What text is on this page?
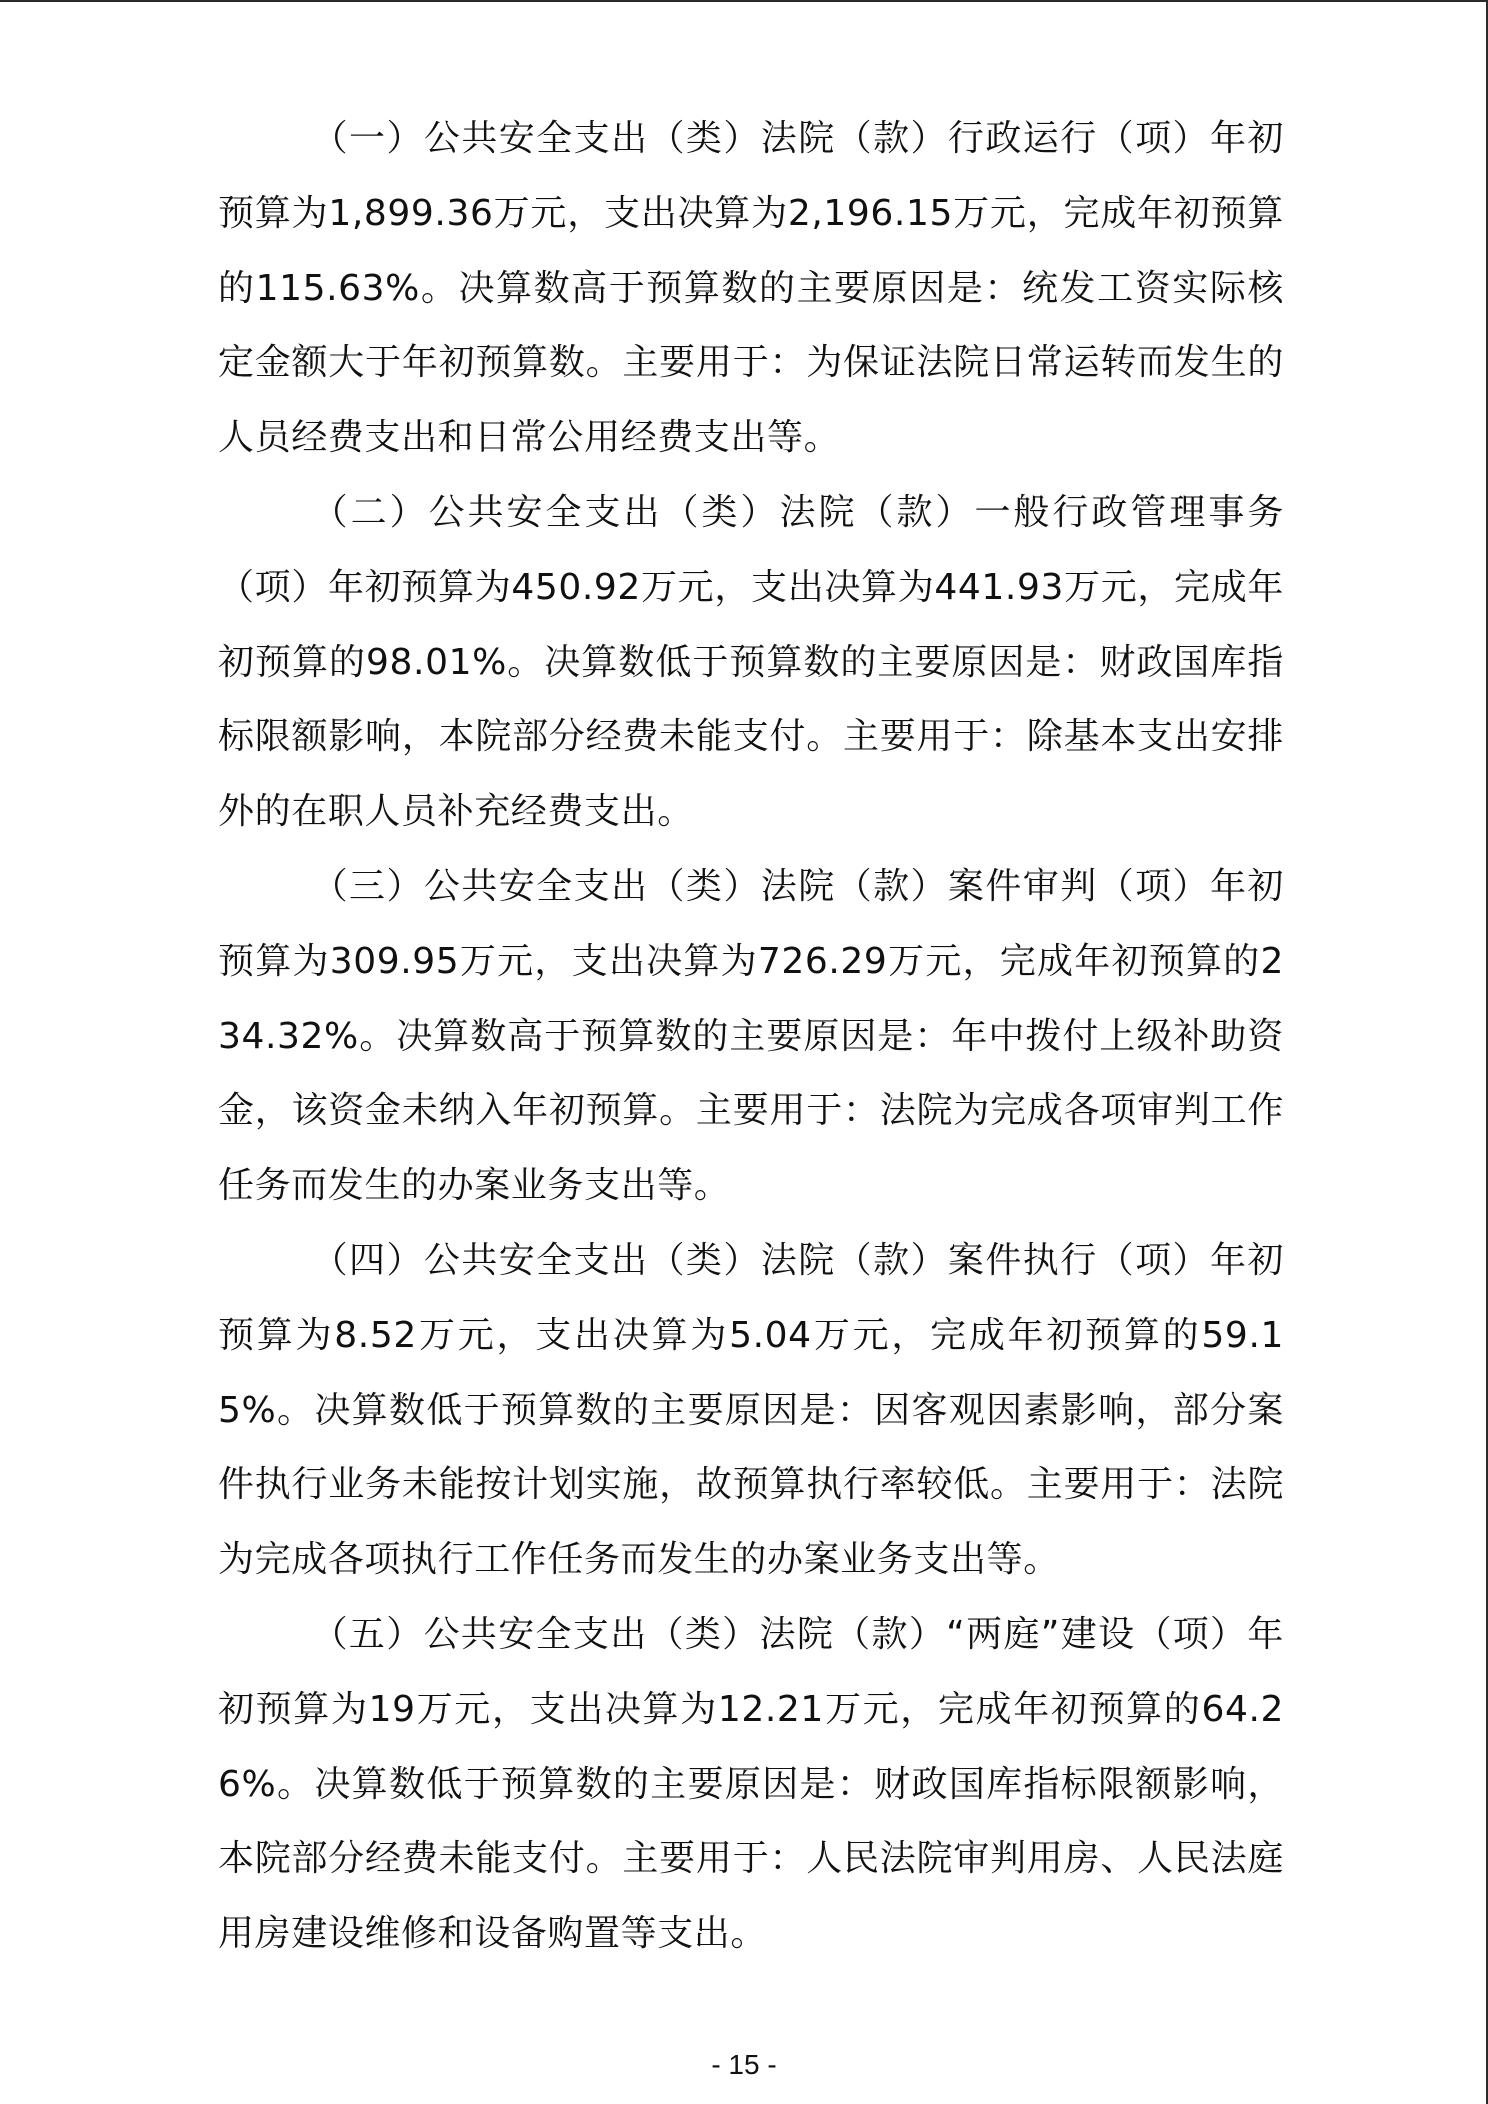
（一）公共安全支出（类）法院（款）行政运行（项）年初预算为1,899.36万元，支出决算为2,196.15万元，完成年初预算的115.63%。决算数高于预算数的主要原因是：统发工资实际核定金额大于年初预算数。主要用于：为保证法院日常运转而发生的人员经费支出和日常公用经费支出等。

（二）公共安全支出（类）法院（款）一般行政管理事务（项）年初预算为450.92万元，支出决算为441.93万元，完成年初预算的98.01%。决算数低于预算数的主要原因是：财政国库指标限额影响，本院部分经费未能支付。主要用于：除基本支出安排外的在职人员补充经费支出。

（三）公共安全支出（类）法院（款）案件审判（项）年初预算为309.95万元，支出决算为726.29万元，完成年初预算的234.32%。决算数高于预算数的主要原因是：年中拨付上级补助资金，该资金未纳入年初预算。主要用于：法院为完成各项审判工作任务而发生的办案业务支出等。

（四）公共安全支出（类）法院（款）案件执行（项）年初预算为8.52万元，支出决算为5.04万元，完成年初预算的59.15%。决算数低于预算数的主要原因是：因客观因素影响，部分案件执行业务未能按计划实施，故预算执行率较低。主要用于：法院为完成各项执行工作任务而发生的办案业务支出等。

（五）公共安全支出（类）法院（款）“两庭”建设（项）年初预算为19万元，支出决算为12.21万元，完成年初预算的64.26%。决算数低于预算数的主要原因是：财政国库指标限额影响，本院部分经费未能支付。主要用于：人民法院审判用房、人民法庭用房建设维修和设备购置等支出。

- 15 -
